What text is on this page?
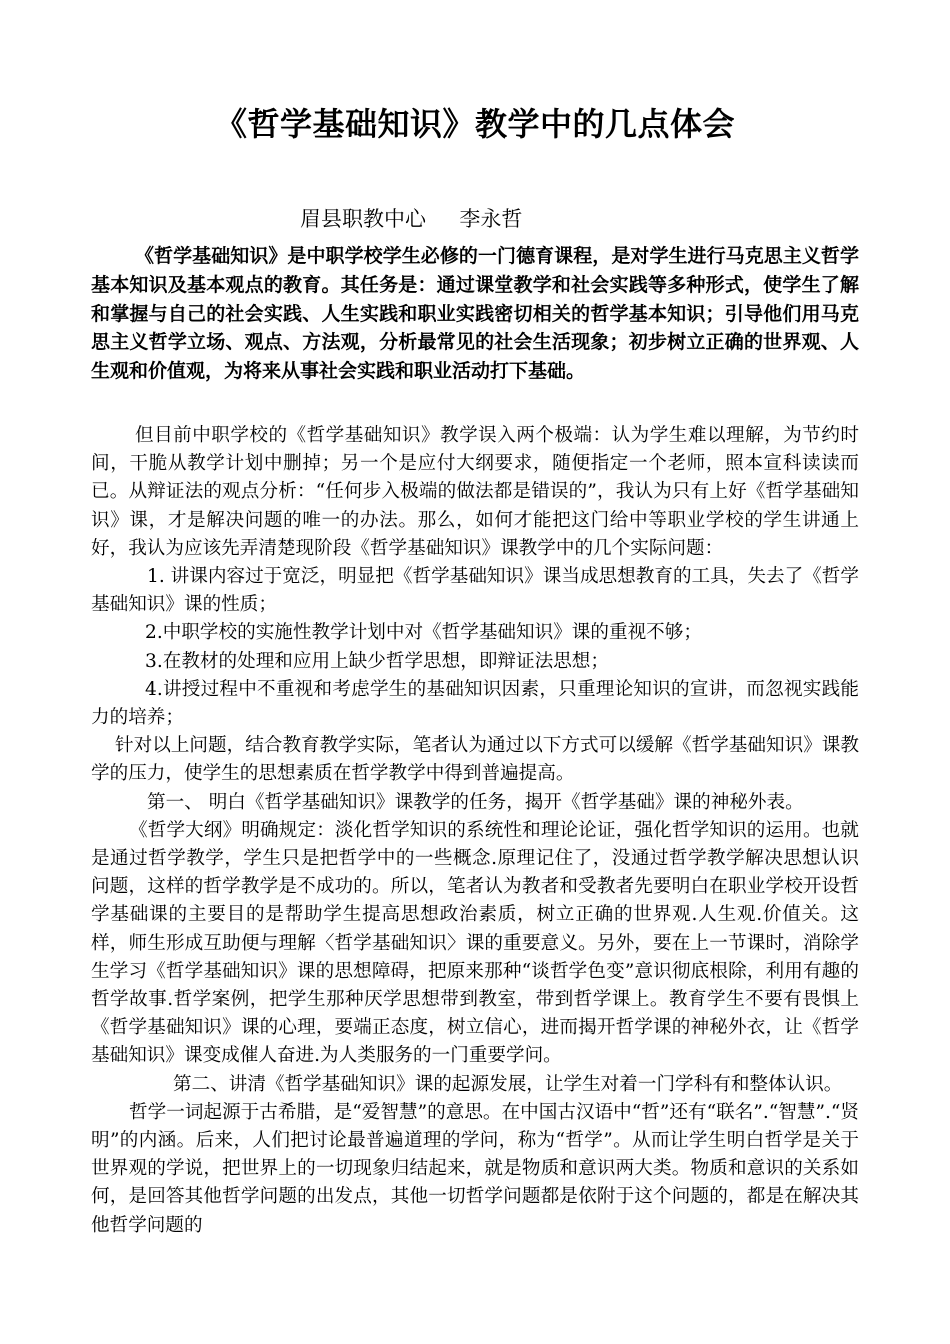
《哲学基础知识》教学中的几点体会

眉县职教中心     李永哲

《哲学基础知识》是中职学校学生必修的一门德育课程，是对学生进行马克思主义哲学基本知识及基本观点的教育。其任务是：通过课堂教学和社会实践等多种形式，使学生了解和掌握与自己的社会实践、人生实践和职业实践密切相关的哲学基本知识；引导他们用马克思主义哲学立场、观点、方法观，分析最常见的社会生活现象；初步树立正确的世界观、人生观和价值观，为将来从事社会实践和职业活动打下基础。

但目前中职学校的《哲学基础知识》教学误入两个极端：认为学生难以理解，为节约时间，干脆从教学计划中删掉；另一个是应付大纲要求，随便指定一个老师，照本宣科读读而已。从辩证法的观点分析：“任何步入极端的做法都是错误的”，我认为只有上好《哲学基础知识》课，才是解决问题的唯一的办法。那么，如何才能把这门给中等职业学校的学生讲通上好，我认为应该先弄清楚现阶段《哲学基础知识》课教学中的几个实际问题：

1. 讲课内容过于宽泛，明显把《哲学基础知识》课当成思想教育的工具，失去了《哲学基础知识》课的性质；

2.中职学校的实施性教学计划中对《哲学基础知识》课的重视不够；

3.在教材的处理和应用上缺少哲学思想，即辩证法思想；

4.讲授过程中不重视和考虑学生的基础知识因素，只重理论知识的宣讲，而忽视实践能力的培养；

针对以上问题，结合教育教学实际，笔者认为通过以下方式可以缓解《哲学基础知识》课教学的压力，使学生的思想素质在哲学教学中得到普遍提高。

第一、 明白《哲学基础知识》课教学的任务，揭开《哲学基础》课的神秘外表。

《哲学大纲》明确规定：淡化哲学知识的系统性和理论论证，强化哲学知识的运用。也就是通过哲学教学，学生只是把哲学中的一些概念.原理记住了，没通过哲学教学解决思想认识问题，这样的哲学教学是不成功的。所以，笔者认为教者和受教者先要明白在职业学校开设哲学基础课的主要目的是帮助学生提高思想政治素质，树立正确的世界观.人生观.价值关。这样，师生形成互助便与理解〈哲学基础知识〉课的重要意义。另外，要在上一节课时，消除学生学习《哲学基础知识》课的思想障碍，把原来那种“谈哲学色变”意识彻底根除，利用有趣的哲学故事.哲学案例，把学生那种厌学思想带到教室，带到哲学课上。教育学生不要有畏惧上《哲学基础知识》课的心理，要端正态度，树立信心，进而揭开哲学课的神秘外衣，让《哲学基础知识》课变成催人奋进.为人类服务的一门重要学问。

第二、讲清《哲学基础知识》课的起源发展，让学生对着一门学科有和整体认识。

哲学一词起源于古希腊，是“爱智慧”的意思。在中国古汉语中“哲”还有“联名”.“智慧”.“贤明”的内涵。后来，人们把讨论最普遍道理的学问，称为“哲学”。从而让学生明白哲学是关于世界观的学说，把世界上的一切现象归结起来，就是物质和意识两大类。物质和意识的关系如何，是回答其他哲学问题的出发点，其他一切哲学问题都是依附于这个问题的，都是在解决其他哲学问题的
